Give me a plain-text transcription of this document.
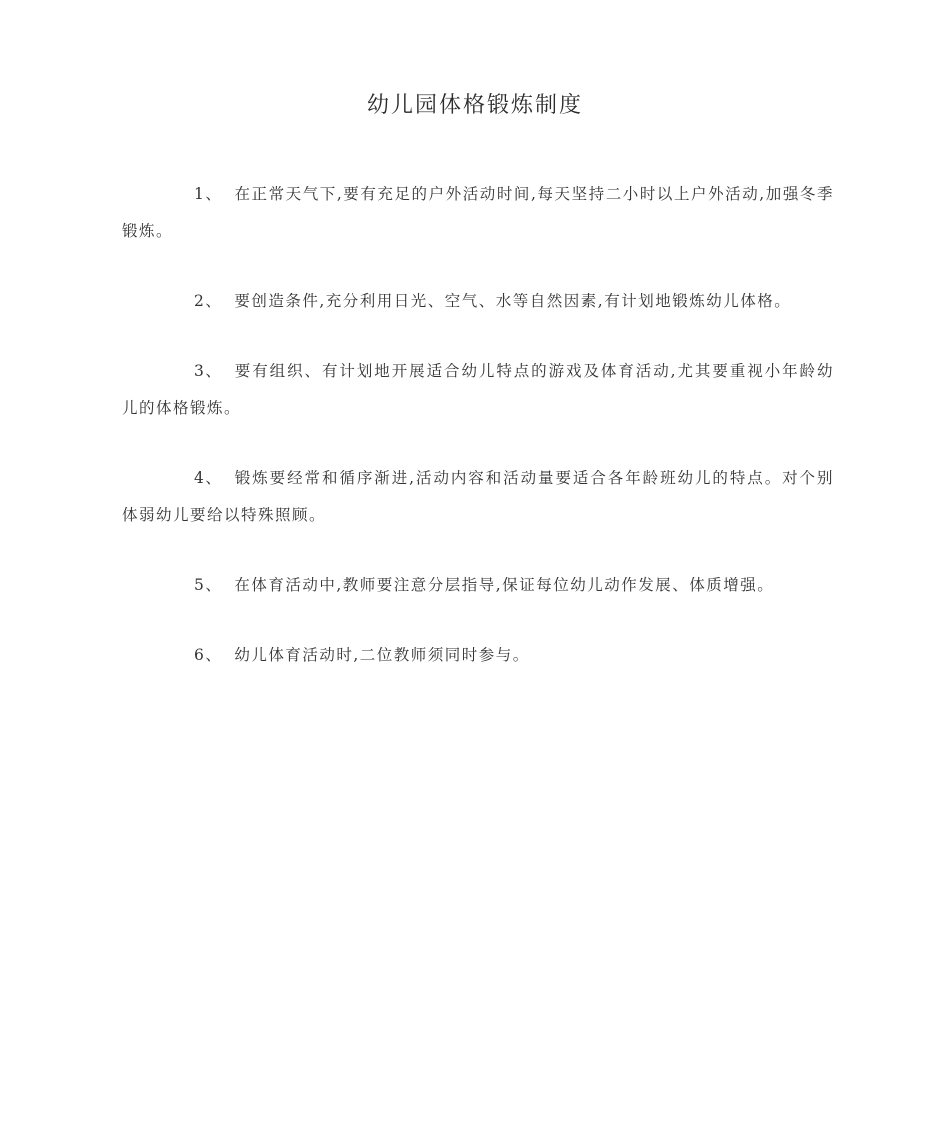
幼儿园体格锻炼制度

1、 在正常天气下,要有充足的户外活动时间,每天坚持二小时以上户外活动,加强冬季锻炼。

2、 要创造条件,充分利用日光、空气、水等自然因素,有计划地锻炼幼儿体格。

3、 要有组织、有计划地开展适合幼儿特点的游戏及体育活动,尤其要重视小年龄幼儿的体格锻炼。

4、 锻炼要经常和循序渐进,活动内容和活动量要适合各年龄班幼儿的特点。对个别体弱幼儿要给以特殊照顾。

5、 在体育活动中,教师要注意分层指导,保证每位幼儿动作发展、体质增强。

6、 幼儿体育活动时,二位教师须同时参与。
